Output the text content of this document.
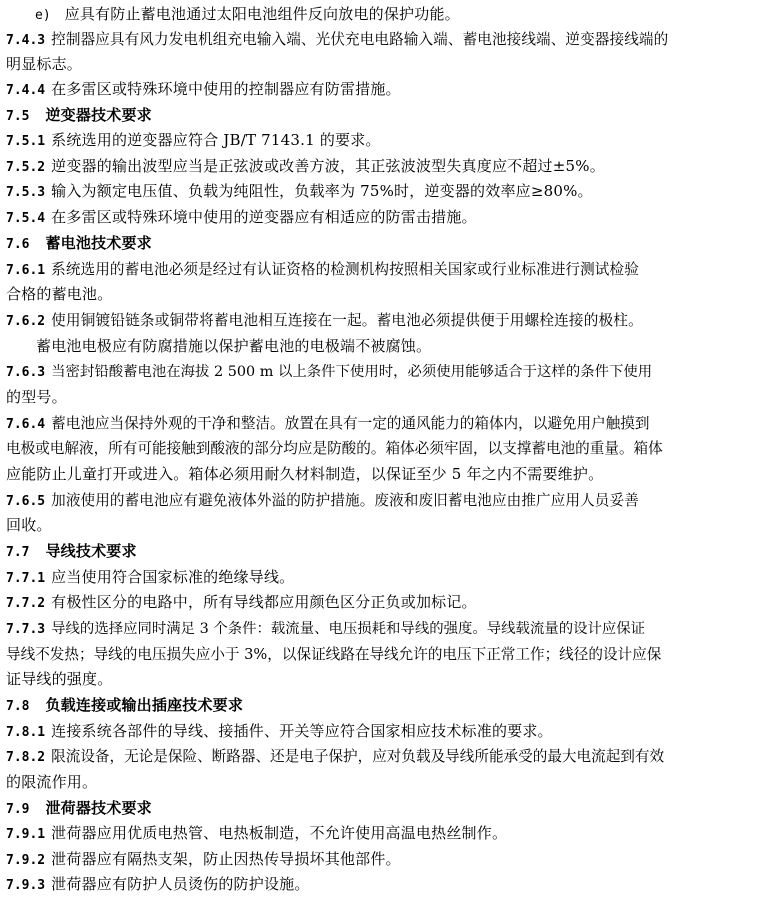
e) 应具有防止蓄电池通过太阳电池组件反向放电的保护功能。
7.4.3 控制器应具有风力发电机组充电输入端、光伏充电电路输入端、蓄电池接线端、逆变器接线端的
明显标志。
7.4.4 在多雷区或特殊环境中使用的控制器应有防雷措施。
7.5 逆变器技术要求
7.5.1 系统选用的逆变器应符合 JB/T 7143.1 的要求。
7.5.2 逆变器的输出波型应当是正弦波或改善方波，其正弦波波型失真度应不超过±5%。
7.5.3 输入为额定电压值、负载为纯阻性，负载率为 75%时，逆变器的效率应≥80%。
7.5.4 在多雷区或特殊环境中使用的逆变器应有相适应的防雷击措施。
7.6 蓄电池技术要求
7.6.1 系统选用的蓄电池必须是经过有认证资格的检测机构按照相关国家或行业标准进行测试检验
合格的蓄电池。
7.6.2 使用铜镀铅链条或铜带将蓄电池相互连接在一起。蓄电池必须提供便于用螺栓连接的极柱。
蓄电池电极应有防腐措施以保护蓄电池的电极端不被腐蚀。
7.6.3 当密封铅酸蓄电池在海拔 2 500 m 以上条件下使用时，必须使用能够适合于这样的条件下使用
的型号。
7.6.4 蓄电池应当保持外观的干净和整洁。放置在具有一定的通风能力的箱体内，以避免用户触摸到
电极或电解液，所有可能接触到酸液的部分均应是防酸的。箱体必须牢固，以支撑蓄电池的重量。箱体
应能防止儿童打开或进入。箱体必须用耐久材料制造，以保证至少 5 年之内不需要维护。
7.6.5 加液使用的蓄电池应有避免液体外溢的防护措施。废液和废旧蓄电池应由推广应用人员妥善
回收。
7.7 导线技术要求
7.7.1 应当使用符合国家标准的绝缘导线。
7.7.2 有极性区分的电路中，所有导线都应用颜色区分正负或加标记。
7.7.3 导线的选择应同时满足 3 个条件：载流量、电压损耗和导线的强度。导线载流量的设计应保证
导线不发热；导线的电压损失应小于 3%，以保证线路在导线允许的电压下正常工作；线径的设计应保
证导线的强度。
7.8 负载连接或输出插座技术要求
7.8.1 连接系统各部件的导线、接插件、开关等应符合国家相应技术标准的要求。
7.8.2 限流设备，无论是保险、断路器、还是电子保护，应对负载及导线所能承受的最大电流起到有效
的限流作用。
7.9 泄荷器技术要求
7.9.1 泄荷器应用优质电热管、电热板制造，不允许使用高温电热丝制作。
7.9.2 泄荷器应有隔热支架，防止因热传导损坏其他部件。
7.9.3 泄荷器应有防护人员烫伤的防护设施。
